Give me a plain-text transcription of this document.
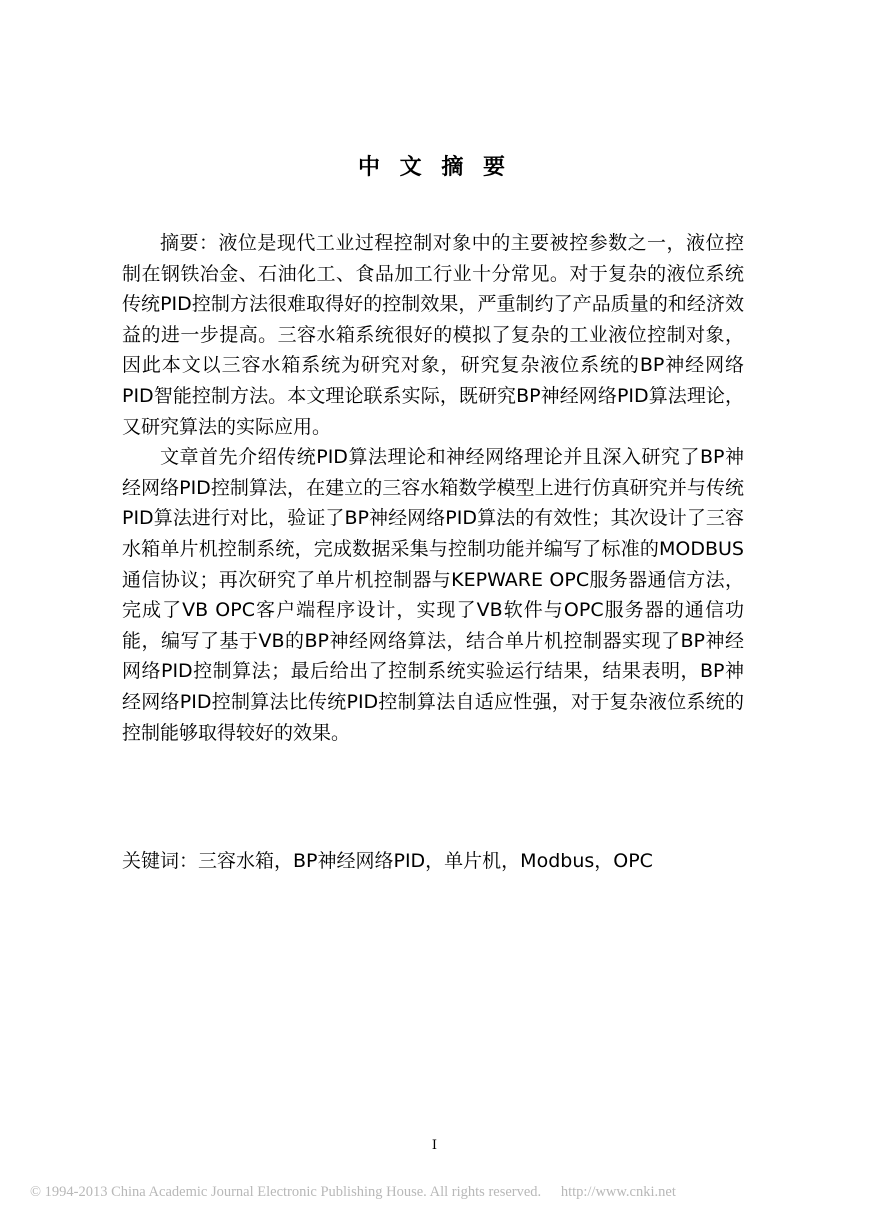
中 文 摘 要

摘要：液位是现代工业过程控制对象中的主要被控参数之一，液位控制在钢铁冶金、石油化工、食品加工行业十分常见。对于复杂的液位系统传统PID控制方法很难取得好的控制效果，严重制约了产品质量的和经济效益的进一步提高。三容水箱系统很好的模拟了复杂的工业液位控制对象，因此本文以三容水箱系统为研究对象，研究复杂液位系统的BP神经网络PID智能控制方法。本文理论联系实际，既研究BP神经网络PID算法理论，又研究算法的实际应用。

文章首先介绍传统PID算法理论和神经网络理论并且深入研究了BP神经网络PID控制算法，在建立的三容水箱数学模型上进行仿真研究并与传统PID算法进行对比，验证了BP神经网络PID算法的有效性；其次设计了三容水箱单片机控制系统，完成数据采集与控制功能并编写了标准的MODBUS通信协议；再次研究了单片机控制器与KEPWARE OPC服务器通信方法，完成了VB OPC客户端程序设计，实现了VB软件与OPC服务器的通信功能，编写了基于VB的BP神经网络算法，结合单片机控制器实现了BP神经网络PID控制算法；最后给出了控制系统实验运行结果，结果表明，BP神经网络PID控制算法比传统PID控制算法自适应性强，对于复杂液位系统的控制能够取得较好的效果。

关键词：三容水箱，BP神经网络PID，单片机，Modbus，OPC
I
© 1994-2013 China Academic Journal Electronic Publishing House. All rights reserved. http://www.cnki.net
